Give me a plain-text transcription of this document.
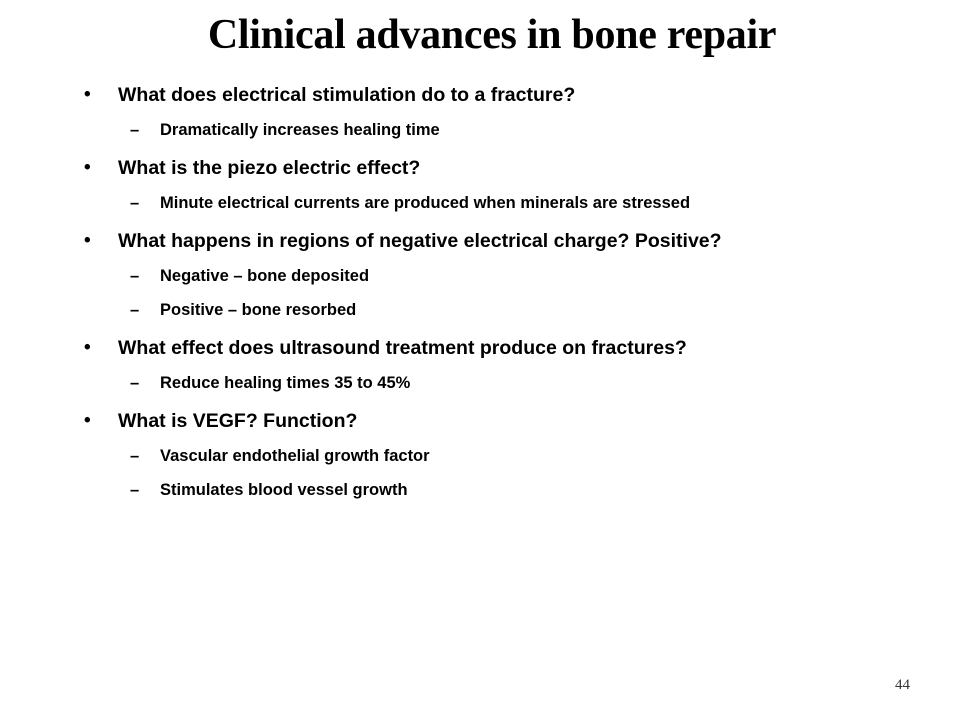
Clinical advances in bone repair
• What does electrical stimulation do to a fracture?
– Dramatically increases healing time
• What is the piezo electric effect?
– Minute electrical currents are produced when minerals are stressed
• What happens in regions of negative electrical charge? Positive?
– Negative – bone deposited
– Positive – bone resorbed
• What effect does ultrasound treatment produce on fractures?
– Reduce healing times 35 to 45%
• What is VEGF? Function?
– Vascular endothelial growth factor
– Stimulates blood vessel growth
44
